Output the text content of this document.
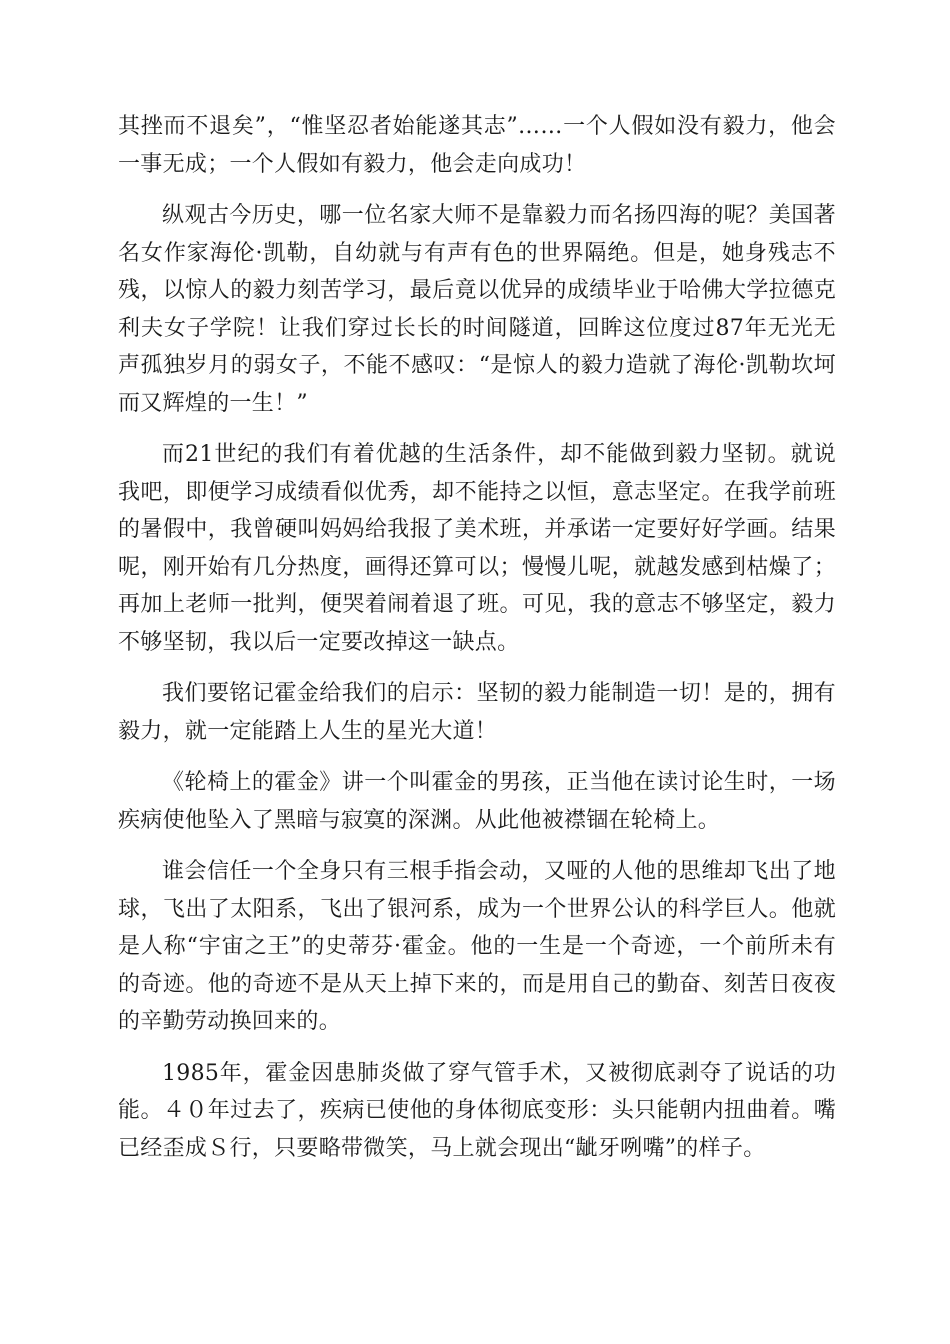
其挫而不退矣”，“惟坚忍者始能遂其志”……一个人假如没有毅力，他会一事无成；一个人假如有毅力，他会走向成功！

纵观古今历史，哪一位名家大师不是靠毅力而名扬四海的呢？美国著名女作家海伦·凯勒，自幼就与有声有色的世界隔绝。但是，她身残志不残，以惊人的毅力刻苦学习，最后竟以优异的成绩毕业于哈佛大学拉德克利夫女子学院！让我们穿过长长的时间隧道，回眸这位度过87年无光无声孤独岁月的弱女子，不能不感叹：“是惊人的毅力造就了海伦·凯勒坎坷而又辉煌的一生！”

而21世纪的我们有着优越的生活条件，却不能做到毅力坚韧。就说我吧，即便学习成绩看似优秀，却不能持之以恒，意志坚定。在我学前班的暑假中，我曾硬叫妈妈给我报了美术班，并承诺一定要好好学画。结果呢，刚开始有几分热度，画得还算可以；慢慢儿呢，就越发感到枯燥了；再加上老师一批判，便哭着闹着退了班。可见，我的意志不够坚定，毅力不够坚韧，我以后一定要改掉这一缺点。

我们要铭记霍金给我们的启示：坚韧的毅力能制造一切！是的，拥有毅力，就一定能踏上人生的星光大道！

《轮椅上的霍金》讲一个叫霍金的男孩，正当他在读讨论生时，一场疾病使他坠入了黑暗与寂寞的深渊。从此他被襟锢在轮椅上。

谁会信任一个全身只有三根手指会动，又哑的人他的思维却飞出了地球，飞出了太阳系，飞出了银河系，成为一个世界公认的科学巨人。他就是人称“宇宙之王”的史蒂芬·霍金。他的一生是一个奇迹，一个前所未有的奇迹。他的奇迹不是从天上掉下来的，而是用自己的勤奋、刻苦日夜夜的辛勤劳动换回来的。

1985年，霍金因患肺炎做了穿气管手术，又被彻底剥夺了说话的功能。４０年过去了，疾病已使他的身体彻底变形：头只能朝内扭曲着。嘴已经歪成Ｓ行，只要略带微笑，马上就会现出“龇牙咧嘴”的样子。
